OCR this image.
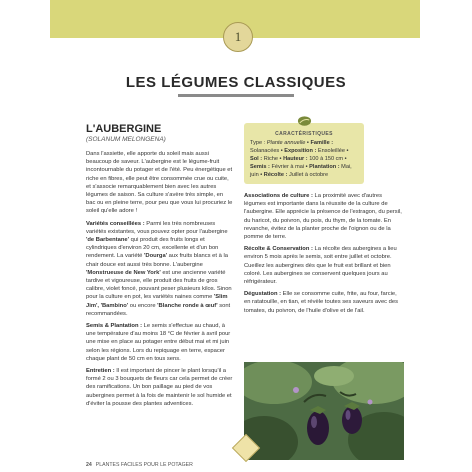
1
LES LÉGUMES CLASSIQUES
L'AUBERGINE
(SOLANUM MELONGENA)

Dans l'assiette, elle apporte du soleil mais aussi beaucoup de saveur. L'aubergine est le légume-fruit incontournable du potager et de l'été. Peu énergétique et riche en fibres, elle peut être consommée crue ou cuite, et s'associe remarquablement bien avec les autres légumes de saison. Sa culture s'avère très simple, en bac ou en pleine terre, pour peu que vous lui procuriez le soleil qu'elle adore !

Variétés conseillées : Parmi les très nombreuses variétés existantes, vous pouvez opter pour l'aubergine 'de Barbentane' qui produit des fruits longs et cylindriques d'environ 20 cm, excellente et d'un bon rendement. La variété 'Dourga' aux fruits blancs et à la chair douce est aussi très bonne. L'aubergine 'Monstrueuse de New York' est une ancienne variété tardive et vigoureuse, elle produit des fruits de gros calibre, violet foncé, pouvant peser plusieurs kilos. Sinon pour la culture en pot, les variétés naines comme 'Slim Jim', 'Bambino' ou encore 'Blanche ronde à œuf' sont recommandées.

Semis & Plantation : Le semis s'effectue au chaud, à une température d'au moins 18 °C de février à avril pour une mise en place au potager entre début mai et mi juin selon les régions. Lors du repiquage en terre, espacer chaque plant de 50 cm en tous sens.

Entretien : Il est important de pincer le plant lorsqu'il a formé 2 ou 3 bouquets de fleurs car cela permet de créer des ramifications. Un bon paillage au pied de vos aubergines permet à la fois de maintenir le sol humide et d'éviter la pousse des plantes adventices.

CARACTÉRISTIQUES

Type : Plante annuelle • Famille : Solanacées • Exposition : Ensoleillée • Sol : Riche • Hauteur : 100 à 150 cm • Semis : Février à mai • Plantation : Mai, juin • Récolte : Juillet à octobre

Associations de culture : La proximité avec d'autres légumes est importante dans la réussite de la culture de l'aubergine. Elle apprécie la présence de l'estragon, du persil, du haricot, du poivron, du pois, du thym, de la tomate. En revanche, évitez de la planter proche de l'oignon ou de la pomme de terre.

Récolte & Conservation : La récolte des aubergines a lieu environ 5 mois après le semis, soit entre juillet et octobre. Cueillez les aubergines dès que le fruit est brillant et bien coloré. Les aubergines se conservent quelques jours au réfrigérateur.

Dégustation : Elle se consomme cuite, frite, au four, farcie, en ratatouille, en tian, et révèle toutes ses saveurs avec des tomates, du poivron, de l'huile d'olive et de l'ail.

24 PLANTES FACILES POUR LE POTAGER
